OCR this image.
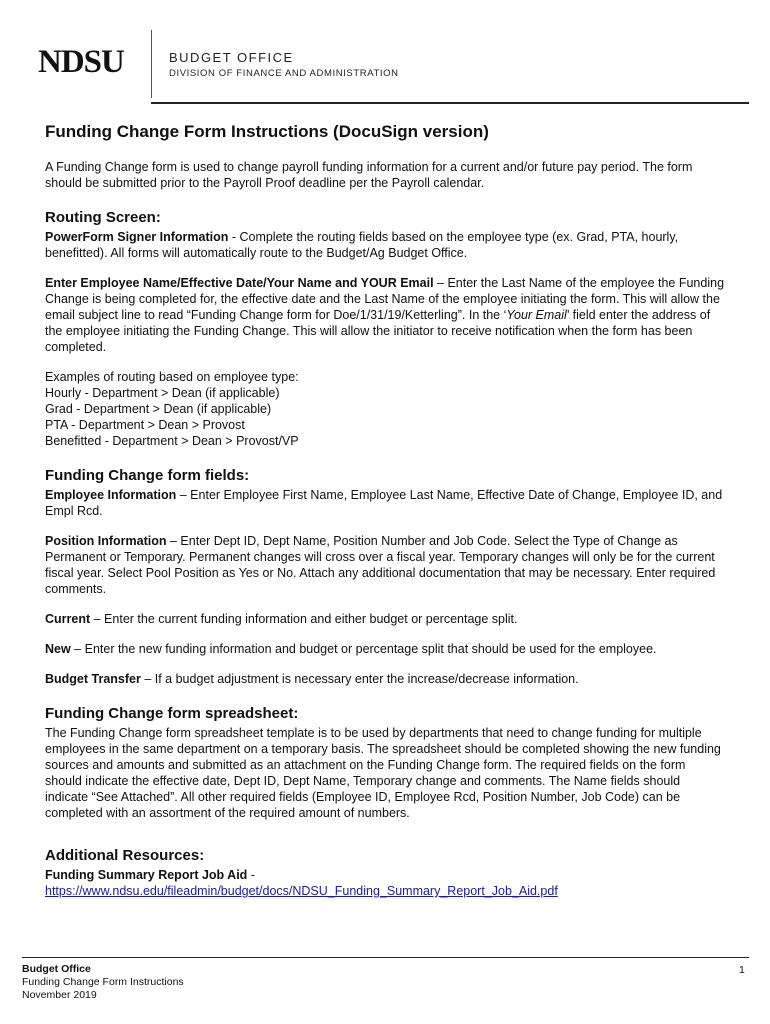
NDSU	BUDGET OFFICE
DIVISION OF FINANCE AND ADMINISTRATION
Funding Change Form Instructions (DocuSign version)

A Funding Change form is used to change payroll funding information for a current and/or future pay period. The form should be submitted prior to the Payroll Proof deadline per the Payroll calendar.

Routing Screen:

PowerForm Signer Information - Complete the routing fields based on the employee type (ex. Grad, PTA, hourly, benefitted). All forms will automatically route to the Budget/Ag Budget Office.

Enter Employee Name/Effective Date/Your Name and YOUR Email – Enter the Last Name of the employee the Funding Change is being completed for, the effective date and the Last Name of the employee initiating the form. This will allow the email subject line to read “Funding Change form for Doe/1/31/19/Ketterling”. In the ‘Your Email’ field enter the address of the employee initiating the Funding Change. This will allow the initiator to receive notification when the form has been completed.

Examples of routing based on employee type:

Hourly - Department > Dean (if applicable)

Grad - Department > Dean (if applicable)

PTA - Department > Dean > Provost

Benefitted - Department > Dean > Provost/VP

Funding Change form fields:

Employee Information – Enter Employee First Name, Employee Last Name, Effective Date of Change, Employee ID, and Empl Rcd.

Position Information – Enter Dept ID, Dept Name, Position Number and Job Code. Select the Type of Change as Permanent or Temporary. Permanent changes will cross over a fiscal year. Temporary changes will only be for the current fiscal year. Select Pool Position as Yes or No. Attach any additional documentation that may be necessary. Enter required comments.

Current – Enter the current funding information and either budget or percentage split.

New – Enter the new funding information and budget or percentage split that should be used for the employee.

Budget Transfer – If a budget adjustment is necessary enter the increase/decrease information.

Funding Change form spreadsheet:

The Funding Change form spreadsheet template is to be used by departments that need to change funding for multiple employees in the same department on a temporary basis. The spreadsheet should be completed showing the new funding sources and amounts and submitted as an attachment on the Funding Change form. The required fields on the form should indicate the effective date, Dept ID, Dept Name, Temporary change and comments. The Name fields should indicate “See Attached”. All other required fields (Employee ID, Employee Rcd, Position Number, Job Code) can be completed with an assortment of the required amount of numbers.

Additional Resources:

Funding Summary Report Job Aid -

https://www.ndsu.edu/fileadmin/budget/docs/NDSU_Funding_Summary_Report_Job_Aid.pdf

Budget Office
Funding Change Form Instructions
November 2019
1
